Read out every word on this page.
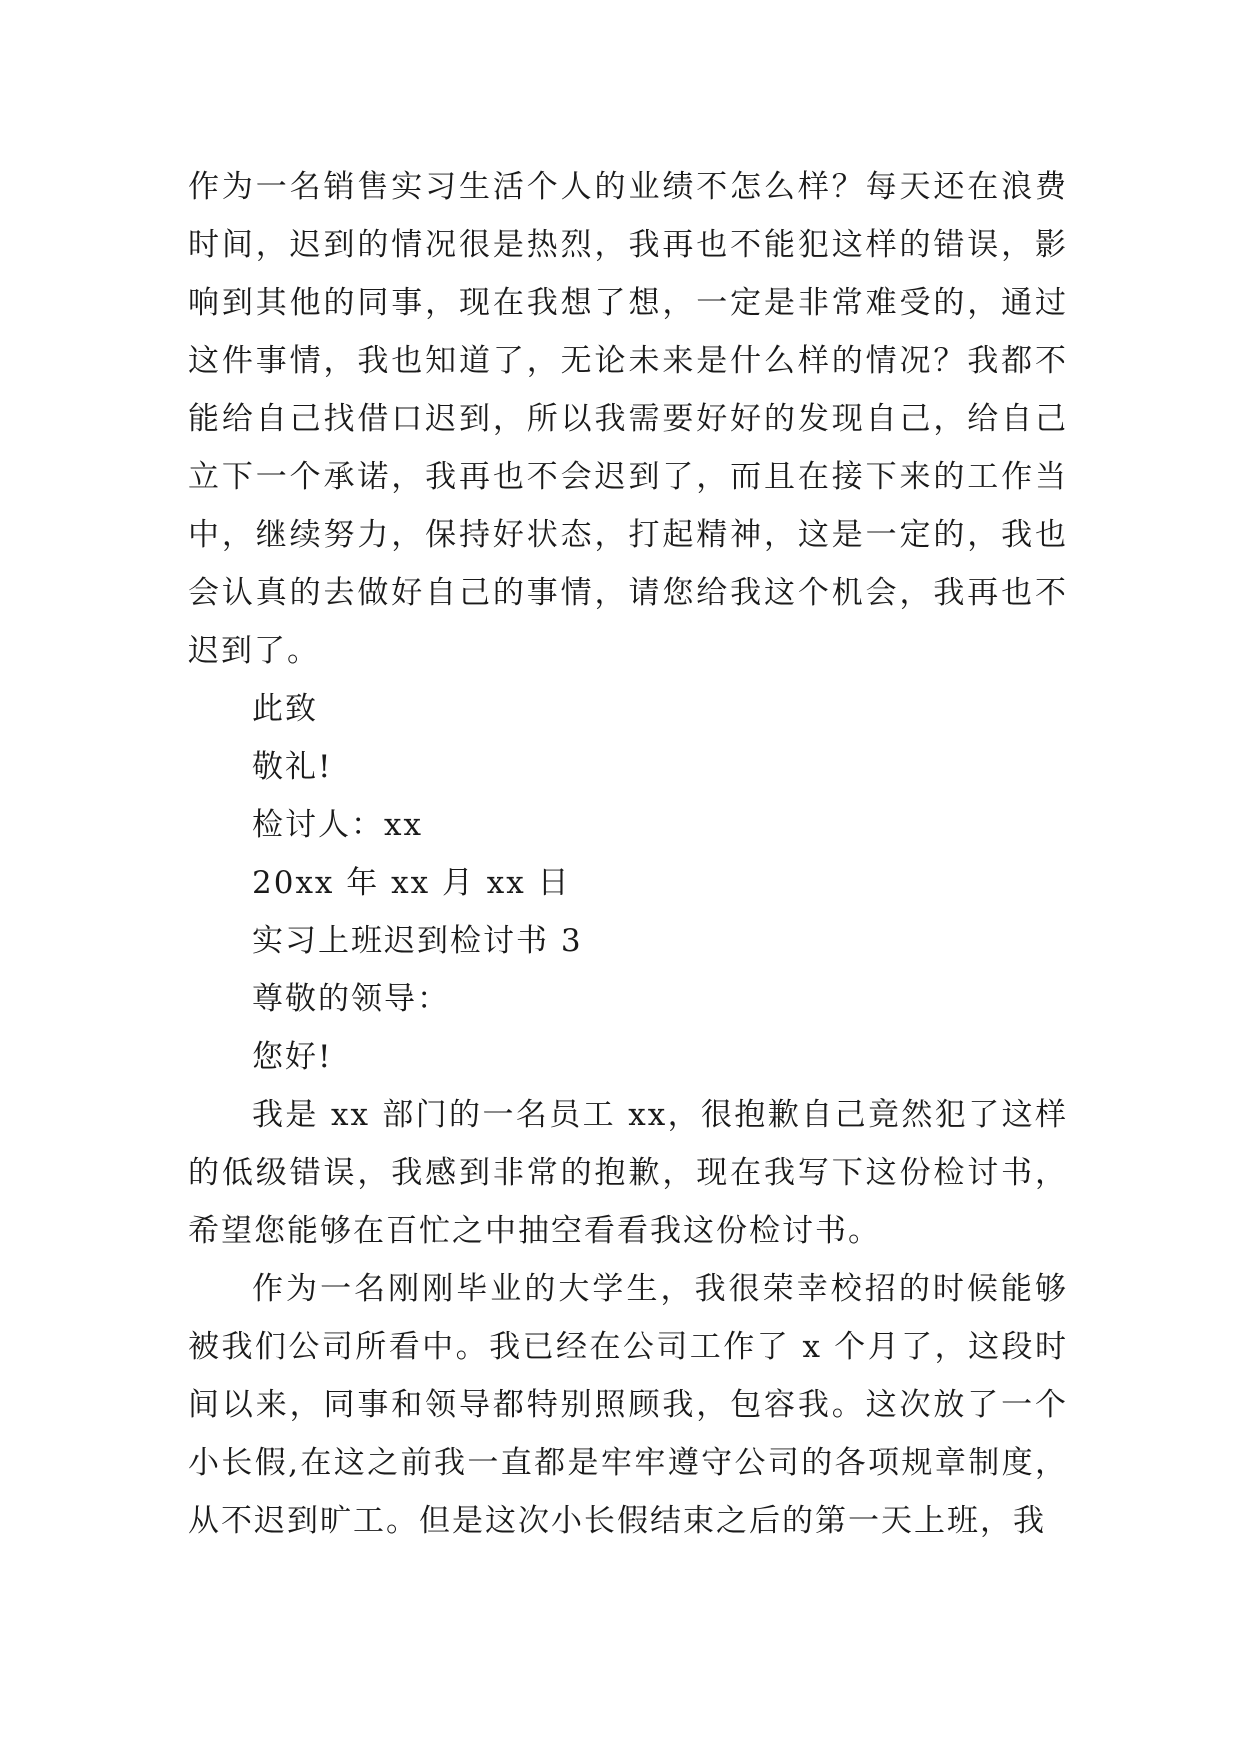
作为一名销售实习生活个人的业绩不怎么样？每天还在浪费时间，迟到的情况很是热烈，我再也不能犯这样的错误，影响到其他的同事，现在我想了想，一定是非常难受的，通过这件事情，我也知道了，无论未来是什么样的情况？我都不能给自己找借口迟到，所以我需要好好的发现自己，给自己立下一个承诺，我再也不会迟到了，而且在接下来的工作当中，继续努力，保持好状态，打起精神，这是一定的，我也会认真的去做好自己的事情，请您给我这个机会，我再也不迟到了。

此致

敬礼!

检讨人：xx

20xx 年 xx 月 xx 日

实习上班迟到检讨书 3

尊敬的领导：

您好!

我是 xx 部门的一名员工 xx，很抱歉自己竟然犯了这样的低级错误，我感到非常的抱歉，现在我写下这份检讨书，希望您能够在百忙之中抽空看看我这份检讨书。

作为一名刚刚毕业的大学生，我很荣幸校招的时候能够被我们公司所看中。我已经在公司工作了 x 个月了，这段时间以来，同事和领导都特别照顾我，包容我。这次放了一个小长假,在这之前我一直都是牢牢遵守公司的各项规章制度，从不迟到旷工。但是这次小长假结束之后的第一天上班，我
